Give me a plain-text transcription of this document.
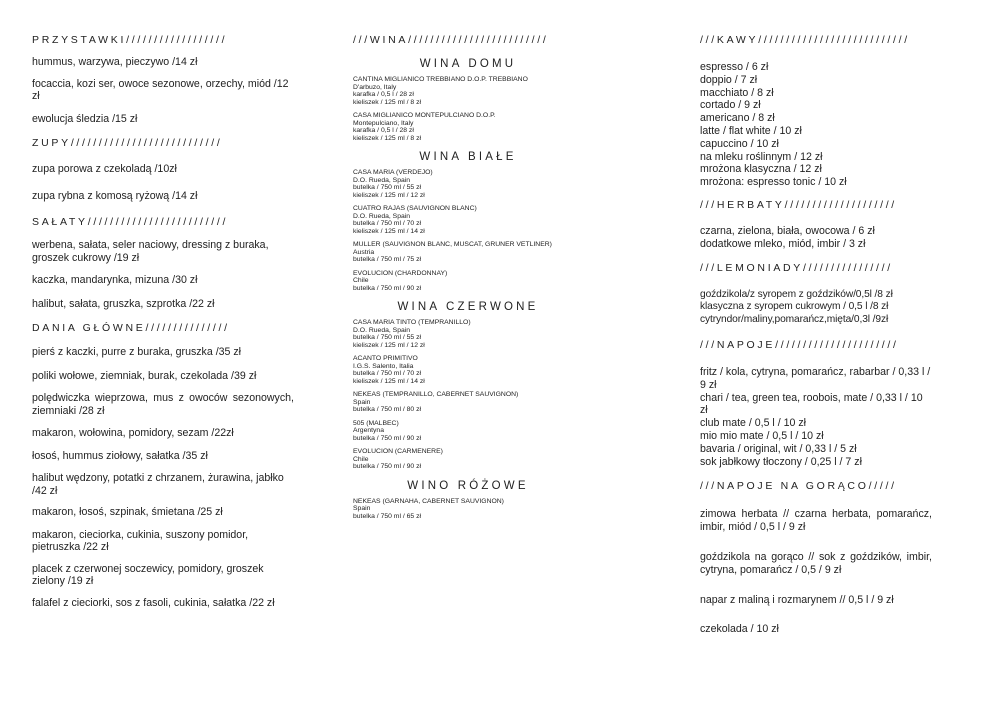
PRZYSTAWKI//////////////////
hummus, warzywa, pieczywo /14 zł
focaccia, kozi ser, owoce sezonowe, orzechy, miód /12 zł
ewolucja śledzia /15 zł
ZUPY///////////////////////////
zupa porowa z czekoladą /10zł
zupa rybna z komosą ryżową /14 zł
SAŁATY/////////////////////////
werbena, sałata, seler naciowy, dressing z buraka, groszek cukrowy /19 zł
kaczka, mandarynka, mizuna /30 zł
halibut, sałata, gruszka, szprotka /22 zł
DANIA GŁÓWNE///////////////
pierś z kaczki, purre z buraka, gruszka /35 zł
poliki wołowe, ziemniak, burak, czekolada /39 zł
polędwiczka wieprzowa, mus z owoców sezonowych, ziemniaki /28 zł
makaron, wołowina, pomidory, sezam /22zł
łosoś, hummus ziołowy, sałatka /35 zł
halibut wędzony, potatki z chrzanem, żurawina, jabłko /42 zł
makaron, łosoś, szpinak, śmietana /25 zł
makaron, cieciorka, cukinia, suszony pomidor, pietruszka /22 zł
placek z czerwonej soczewicy, pomidory, groszek zielony /19 zł
falafel z cieciorki, sos z fasoli, cukinia, sałatka /22 zł
///WINA/////////////////////////
WINA DOMU
CANTINA MIGLIANICO TREBBIANO D.O.P. TREBBIANO
D'arbuzo, Italy
karafka / 0,5 l / 28 zł
kieliszek / 125 ml / 8 zł
CASA MIGLIANICO MONTEPULCIANO D.O.P.
Montepulciano, Italy
karafka / 0,5 l / 28 zł
kieliszek / 125 ml / 8 zł
WINA BIAŁE
CASA MARIA (VERDEJO)
D.O. Rueda, Spain
butelka / 750 ml / 55 zł
kieliszek / 125 ml / 12 zł
CUATRO RAJAS (SAUVIGNON BLANC)
D.O. Rueda, Spain
butelka / 750 ml / 70 zł
kieliszek / 125 ml / 14 zł
MULLER (SAUVIGNON BLANC, MUSCAT, GRUNER VETLINER)
Austria
butelka / 750 ml / 75 zł
EVOLUCION (CHARDONNAY)
Chile
butelka / 750 ml / 90 zł
WINA CZERWONE
CASA MARIA TINTO (TEMPRANILLO)
D.O. Rueda, Spain
butelka / 750 ml / 55 zł
kieliszek / 125 ml / 12 zł
ACANTO PRIMITIVO
I.G.S. Salento, Italia
butelka / 750 ml / 70 zł
kieliszek / 125 ml / 14 zł
NEKEAS (TEMPRANILLO, CABERNET SAUVIGNON)
Spain
butelka / 750 ml / 80 zł
505 (MALBEC)
Argentyna
butelka / 750 ml / 90 zł
EVOLUCION (CARMENERE)
Chile
butelka / 750 ml / 90 zł
WINO RÓŻOWE
NEKEAS (GARNAHA, CABERNET SAUVIGNON)
Spain
butelka / 750 ml / 65 zł
///KAWY///////////////////////////
espresso / 6 zł
doppio / 7 zł
macchiato / 8 zł
cortado / 9 zł
americano / 8 zł
latte / flat white / 10 zł
capuccino / 10 zł
na mleku roślinnym / 12 zł
mrożona klasyczna / 12 zł
mrożona: espresso tonic / 10 zł
///HERBATY////////////////////
czarna, zielona, biała, owocowa / 6 zł
dodatkowe mleko, miód, imbir / 3 zł
///LEMONIADY////////////////
goździkola/z syropem z goździków/0,5l /8 zł
klasyczna z syropem cukrowym / 0,5 l /8 zł
cytryndor/maliny,pomarańcz,mięta/0,3l /9zł
///NAPOJE//////////////////////
fritz / kola, cytryna, pomarańcz, rabarbar / 0,33 l / 9 zł
chari / tea, green tea, roobois, mate / 0,33 l / 10 zł
club mate / 0,5 l / 10 zł
mio mio mate / 0,5 l / 10 zł
bavaria / original, wit / 0,33 l / 5 zł
sok jabłkowy tłoczony / 0,25 l / 7 zł
///NAPOJE NA GORĄCO/////
zimowa herbata // czarna herbata, pomarańcz, imbir, miód / 0,5 l / 9 zł
goździkola na gorąco // sok z goździków, imbir, cytryna, pomarańcz / 0,5 / 9 zł
napar z maliną i rozmarynem // 0,5 l / 9 zł
czekolada / 10 zł
